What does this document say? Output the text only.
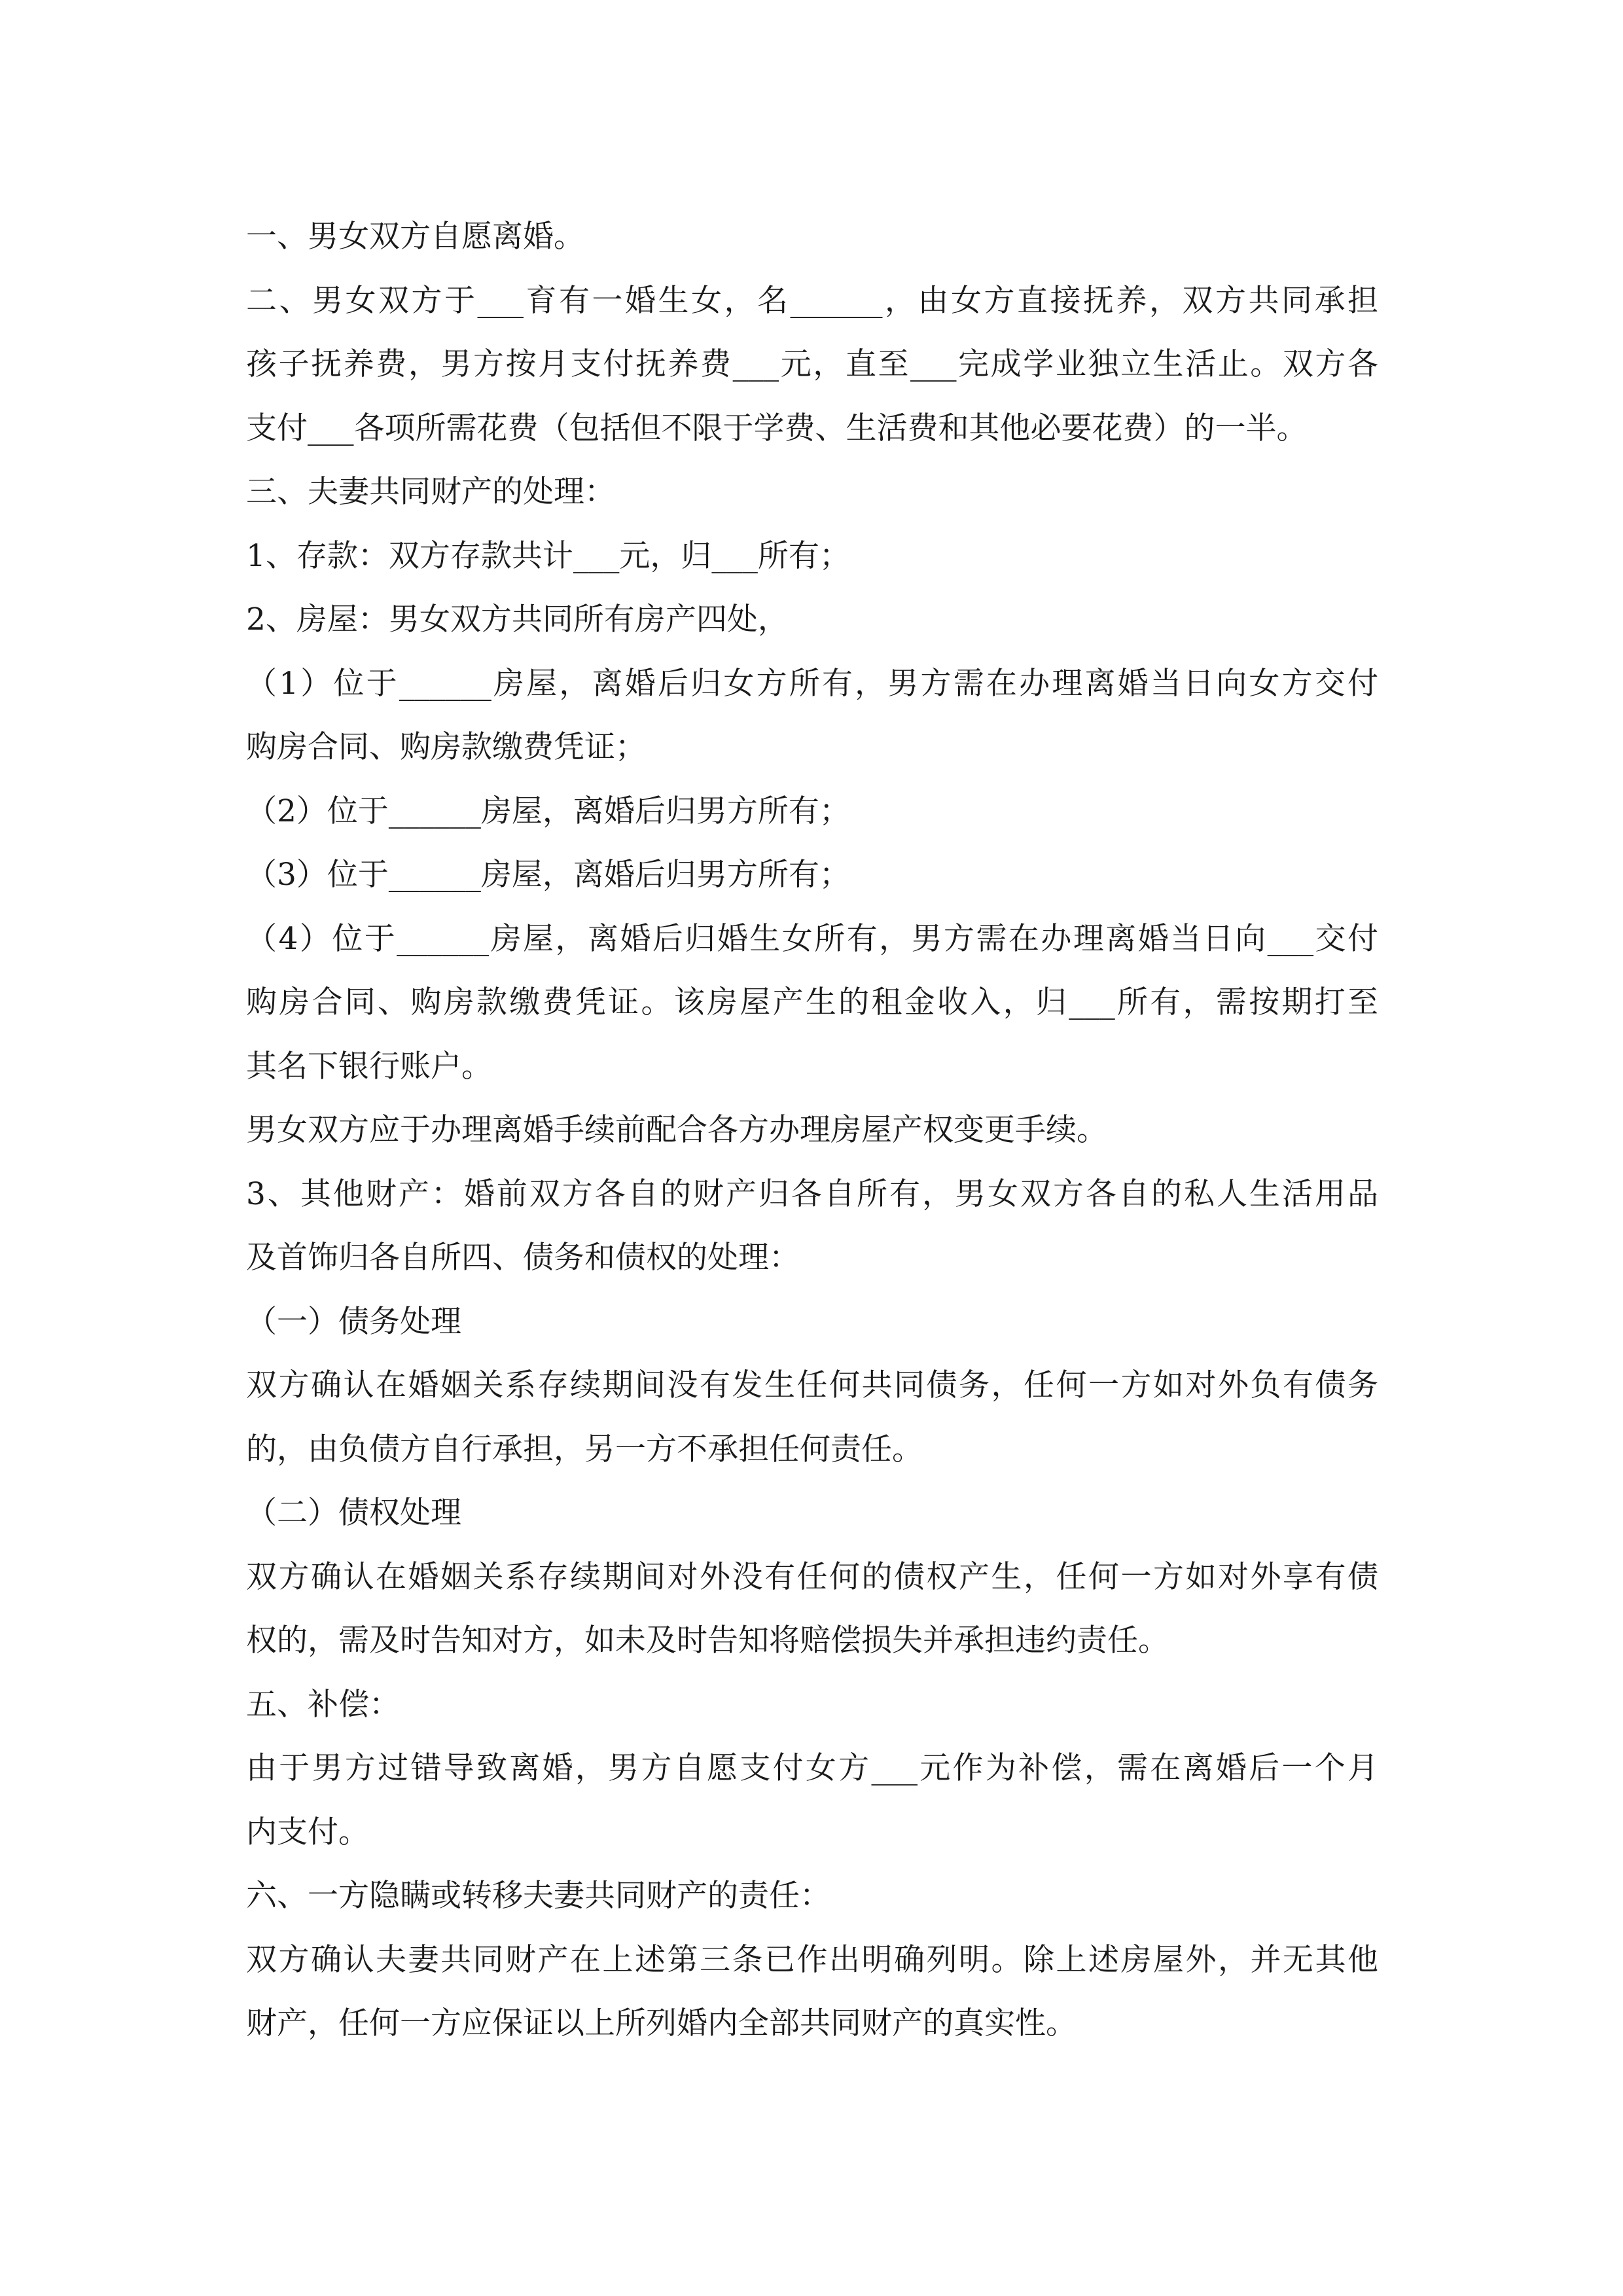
一、男女双方自愿离婚。
二、男女双方于___育有一婚生女，名______，由女方直接抚养，双方共同承担
孩子抚养费，男方按月支付抚养费___元，直至___完成学业独立生活止。双方各
支付___各项所需花费（包括但不限于学费、生活费和其他必要花费）的一半。
三、夫妻共同财产的处理：
1、存款：双方存款共计___元，归___所有；
2、房屋：男女双方共同所有房产四处，
（1）位于______房屋，离婚后归女方所有，男方需在办理离婚当日向女方交付
购房合同、购房款缴费凭证；
（2）位于______房屋，离婚后归男方所有；
（3）位于______房屋，离婚后归男方所有；
（4）位于______房屋，离婚后归婚生女所有，男方需在办理离婚当日向___交付
购房合同、购房款缴费凭证。该房屋产生的租金收入，归___所有，需按期打至
其名下银行账户。
男女双方应于办理离婚手续前配合各方办理房屋产权变更手续。
3、其他财产：婚前双方各自的财产归各自所有，男女双方各自的私人生活用品
及首饰归各自所四、债务和债权的处理：
（一）债务处理
双方确认在婚姻关系存续期间没有发生任何共同债务，任何一方如对外负有债务
的，由负债方自行承担，另一方不承担任何责任。
（二）债权处理
双方确认在婚姻关系存续期间对外没有任何的债权产生，任何一方如对外享有债
权的，需及时告知对方，如未及时告知将赔偿损失并承担违约责任。
五、补偿：
由于男方过错导致离婚，男方自愿支付女方___元作为补偿，需在离婚后一个月
内支付。
六、一方隐瞒或转移夫妻共同财产的责任：
双方确认夫妻共同财产在上述第三条已作出明确列明。除上述房屋外，并无其他
财产，任何一方应保证以上所列婚内全部共同财产的真实性。
